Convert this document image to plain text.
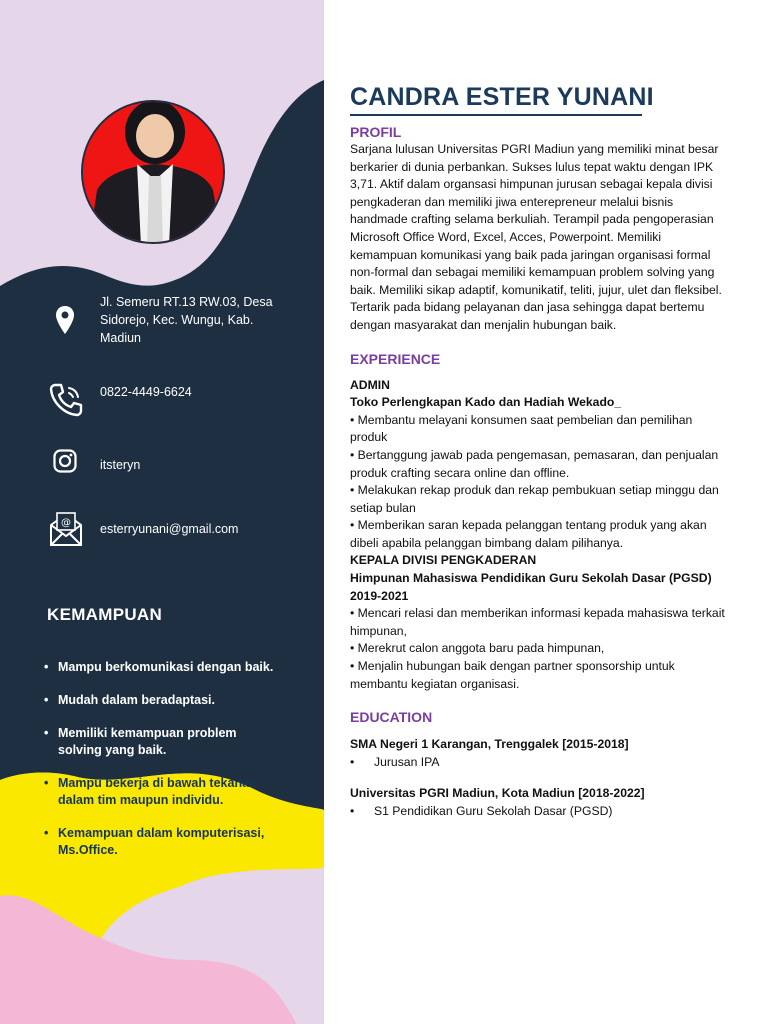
Jl. Semeru RT.13 RW.03, Desa Sidorejo, Kec. Wungu, Kab. Madiun
0822-4449-6624
itsteryn
@ esterryunani@gmail.com
KEMAMPUAN
• Mampu berkomunikasi dengan baik.
• Mudah dalam beradaptasi.
• Memiliki kemampuan problem solving yang baik.
• Mampu bekerja di bawah tekanan dalam tim maupun individu.
• Kemampuan dalam komputerisasi, Ms.Office.
CANDRA ESTER YUNANI
PROFIL

Sarjana lulusan Universitas PGRI Madiun yang memiliki minat besar berkarier di dunia perbankan. Sukses lulus tepat waktu dengan IPK 3,71. Aktif dalam organsasi himpunan jurusan sebagai kepala divisi pengkaderan dan memiliki jiwa enterepreneur melalui bisnis handmade crafting selama berkuliah. Terampil pada pengoperasian Microsoft Office Word, Excel, Acces, Powerpoint. Memiliki kemampuan komunikasi yang baik pada jaringan organisasi formal non-formal dan sebagai memiliki kemampuan problem solving yang baik. Memiliki sikap adaptif, komunikatif, teliti, jujur, ulet dan fleksibel. Tertarik pada bidang pelayanan dan jasa sehingga dapat bertemu dengan masyarakat dan menjalin hubungan baik.

EXPERIENCE
ADMIN
Toko Perlengkapan Kado dan Hadiah Wekado_
• Membantu melayani konsumen saat pembelian dan pemilihan produk
• Bertanggung jawab pada pengemasan, pemasaran, dan penjualan produk crafting secara online dan offline.
• Melakukan rekap produk dan rekap pembukuan setiap minggu dan setiap bulan
• Memberikan saran kepada pelanggan tentang produk yang akan dibeli apabila pelanggan bimbang dalam pilihanya.
KEPALA DIVISI PENGKADERAN
Himpunan Mahasiswa Pendidikan Guru Sekolah Dasar (PGSD)
2019-2021
• Mencari relasi dan memberikan informasi kepada mahasiswa terkait himpunan,
• Merekrut calon anggota baru pada himpunan,
• Menjalin hubungan baik dengan partner sponsorship untuk membantu kegiatan organisasi.
EDUCATION
SMA Negeri 1 Karangan, Trenggalek [2015-2018]
•	Jurusan IPA
Universitas PGRI Madiun, Kota Madiun [2018-2022]
•	S1 Pendidikan Guru Sekolah Dasar (PGSD)
